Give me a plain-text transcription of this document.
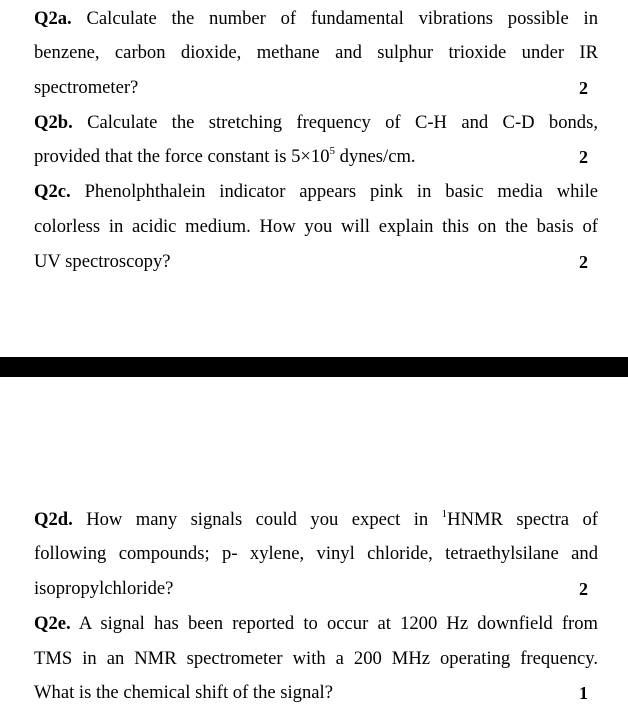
Q2a. Calculate the number of fundamental vibrations possible in
benzene, carbon dioxide, methane and sulphur trioxide under IR
spectrometer?	2
Q2b. Calculate the stretching frequency of C-H and C-D bonds,
provided that the force constant is $5\times 10^5$ dynes/cm.	2
Q2c. Phenolphthalein indicator appears pink in basic media while
colorless in acidic medium. How you will explain this on the basis of
UV spectroscopy?	2
Q2d. How many signals could you expect in $^1$HNMR spectra of
following compounds; p- xylene, vinyl chloride, tetraethylsilane and
isopropylchloride?	2
Q2e. A signal has been reported to occur at 1200 Hz downfield from
TMS in an NMR spectrometer with a 200 MHz operating frequency.
What is the chemical shift of the signal?	1
